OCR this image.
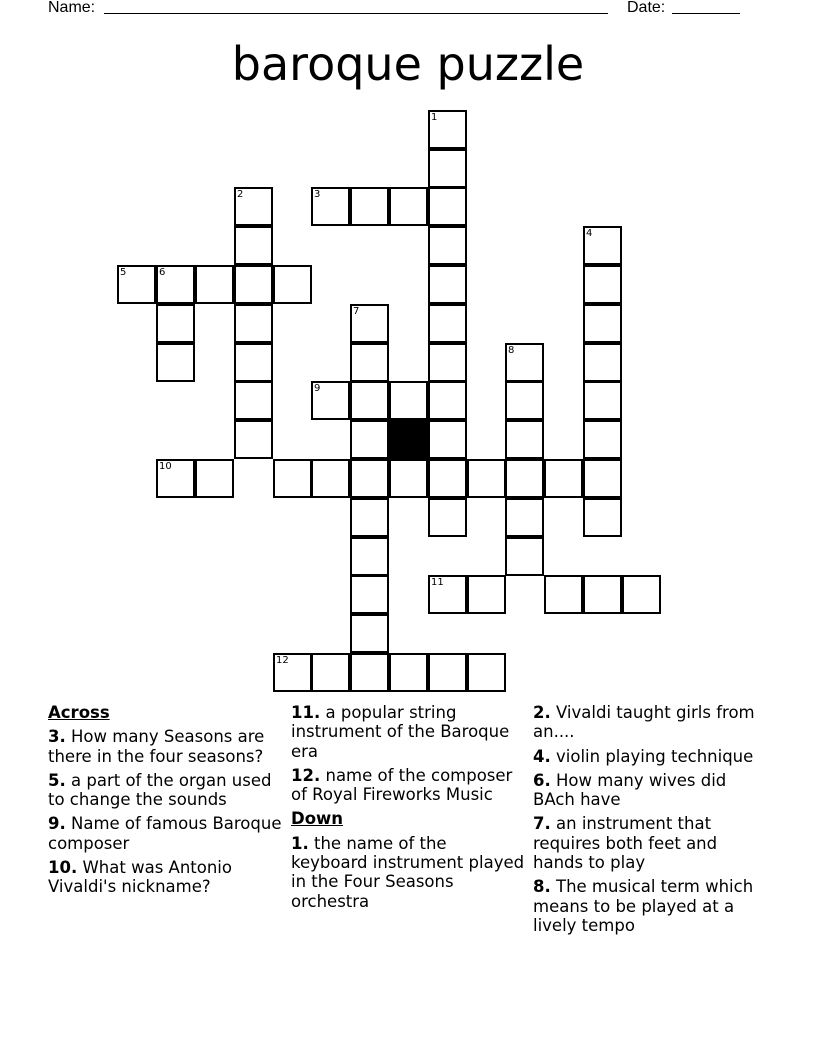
Name:	Date:
baroque puzzle
1
2	3
4
5	6
7
8
9
10
11
12
Across
3. How many Seasons are there in the four seasons?
5. a part of the organ used to change the sounds
9. Name of famous Baroque composer
10. What was Antonio Vivaldi's nickname?
11. a popular string instrument of the Baroque era
12. name of the composer of Royal Fireworks Music
Down
1. the name of the keyboard instrument played in the Four Seasons orchestra
2. Vivaldi taught girls from an....
4. violin playing technique
6. How many wives did BAch have
7. an instrument that requires both feet and hands to play
8. The musical term which means to be played at a lively tempo
